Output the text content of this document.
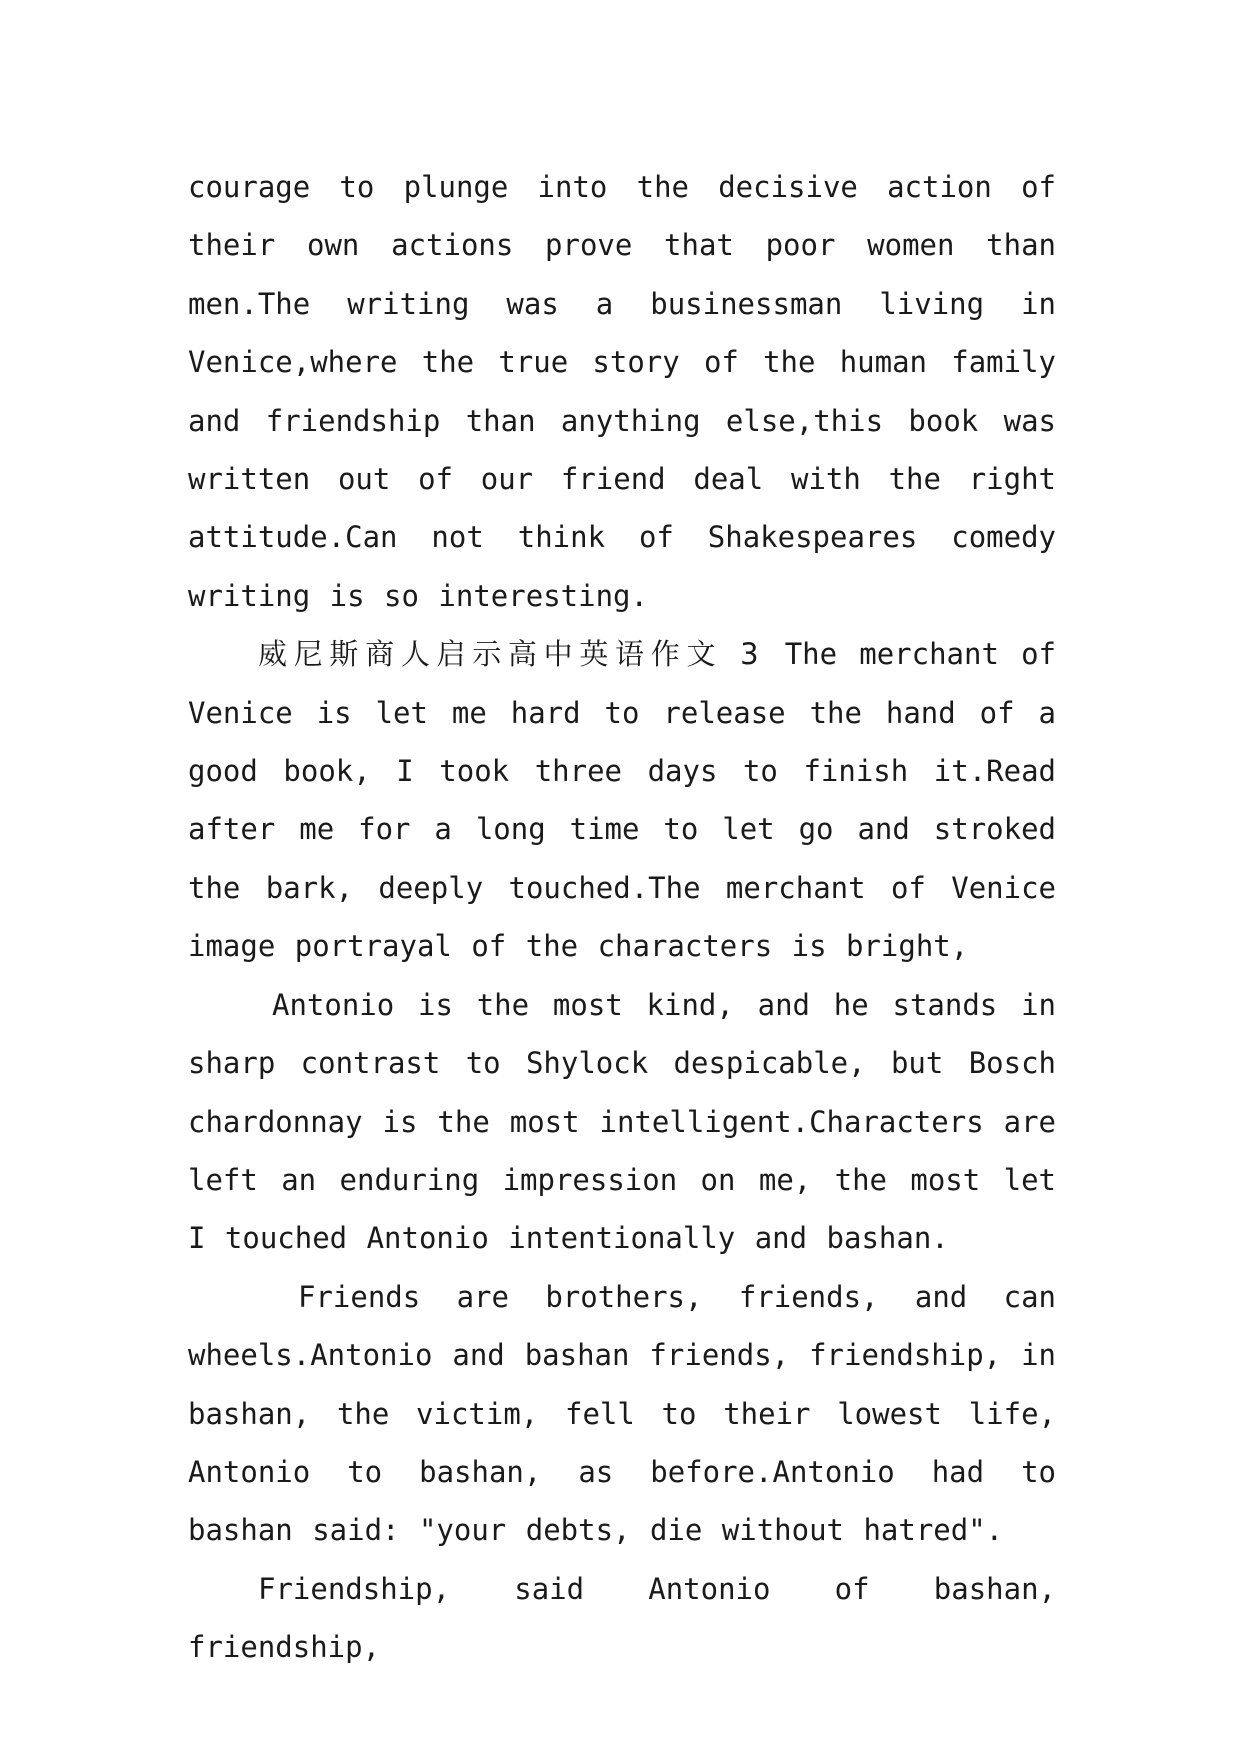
courage to plunge into the decisive action of their own actions prove that poor women than men.The writing was a businessman living in Venice,where the true story of the human family and friendship than anything else,this book was written out of our friend deal with the right attitude.Can not think of Shakespeares comedy writing is so interesting.

威尼斯商人启示高中英语作文 3 The merchant of Venice is let me hard to release the hand of a good book, I took three days to finish it.Read after me for a long time to let go and stroked the bark, deeply touched.The merchant of Venice image portrayal of the characters is bright,

Antonio is the most kind, and he stands in sharp contrast to Shylock despicable, but Bosch chardonnay is the most intelligent.Characters are left an enduring impression on me, the most let I touched Antonio intentionally and bashan.

Friends are brothers, friends, and can wheels.Antonio and bashan friends, friendship, in bashan, the victim, fell to their lowest life, Antonio to bashan, as before.Antonio had to bashan said: "your debts, die without hatred".

Friendship, said Antonio of bashan, friendship,
